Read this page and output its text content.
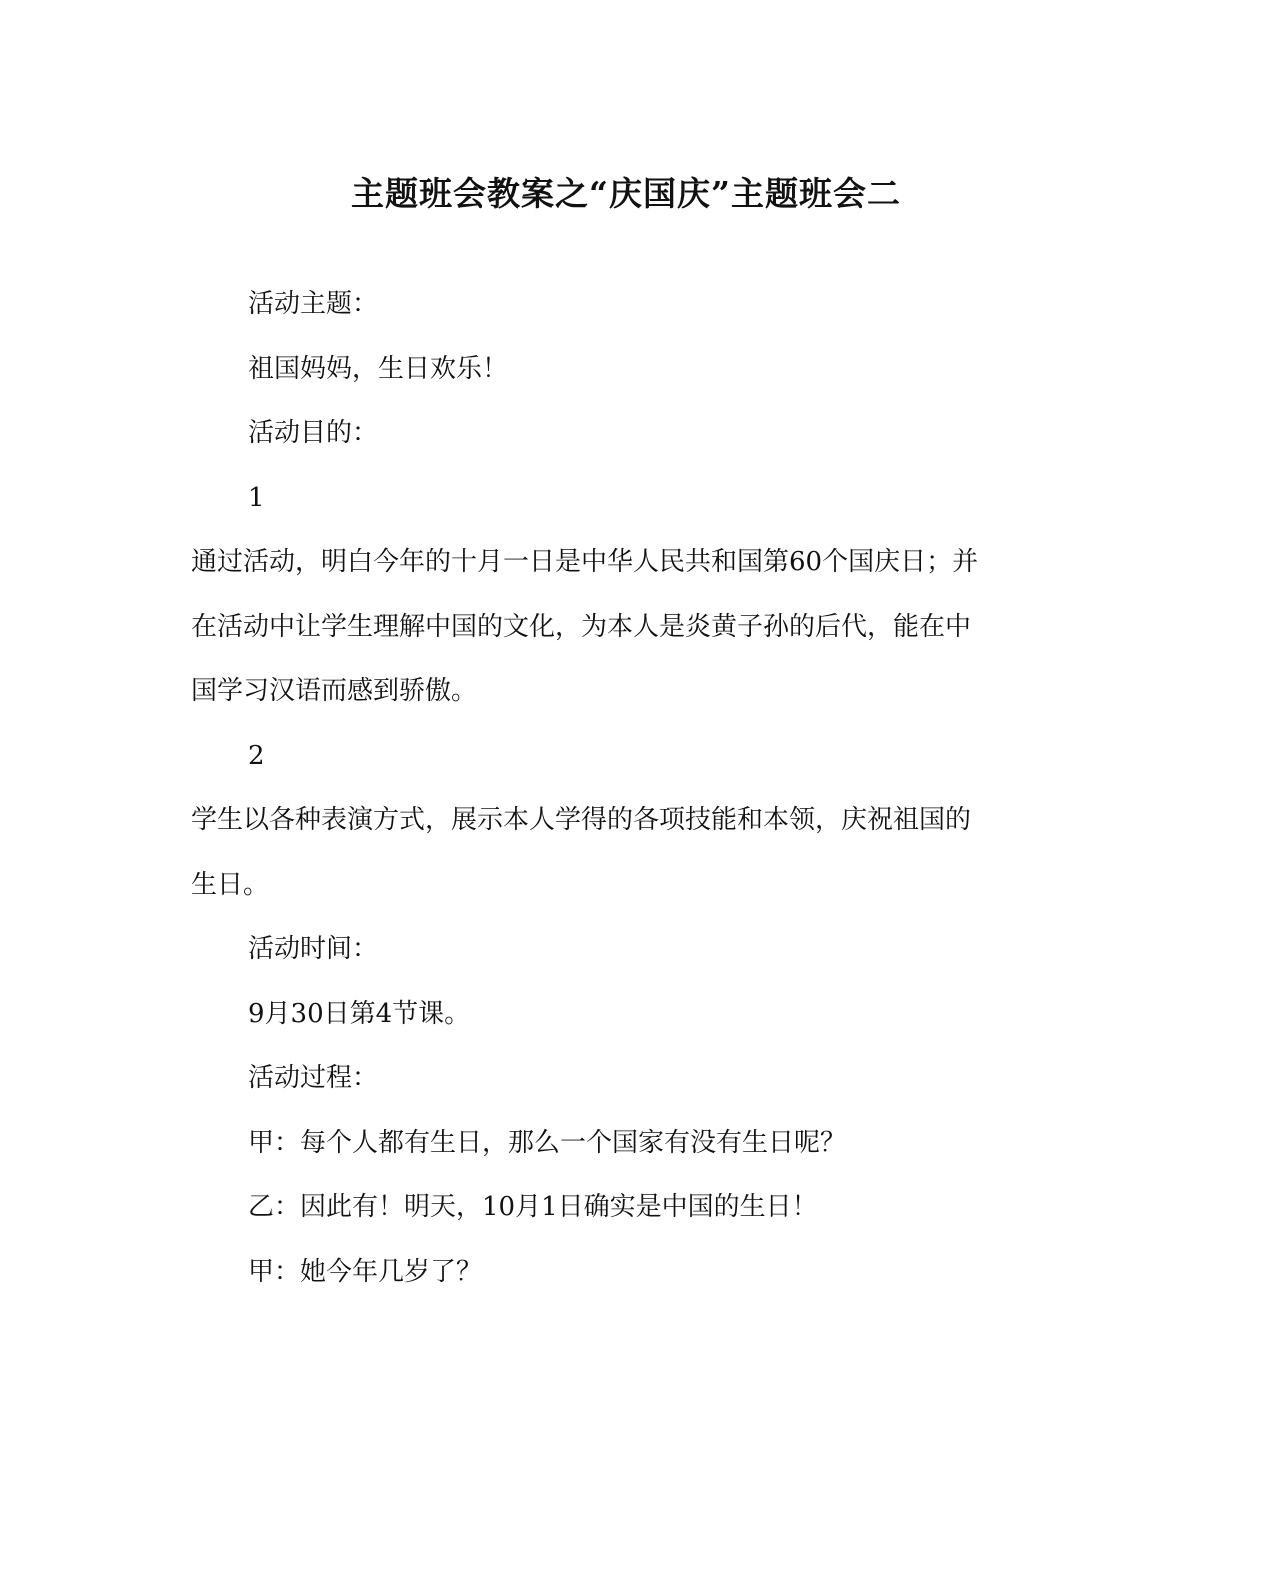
主题班会教案之“庆国庆”主题班会二

活动主题：

祖国妈妈，生日欢乐！

活动目的：

1

通过活动，明白今年的十月一日是中华人民共和国第60个国庆日；并

在活动中让学生理解中国的文化，为本人是炎黄子孙的后代，能在中

国学习汉语而感到骄傲。

2

学生以各种表演方式，展示本人学得的各项技能和本领，庆祝祖国的

生日。

活动时间：

9月30日第4节课。

活动过程：

甲：每个人都有生日，那么一个国家有没有生日呢？

乙：因此有！明天，10月1日确实是中国的生日！

甲：她今年几岁了？
